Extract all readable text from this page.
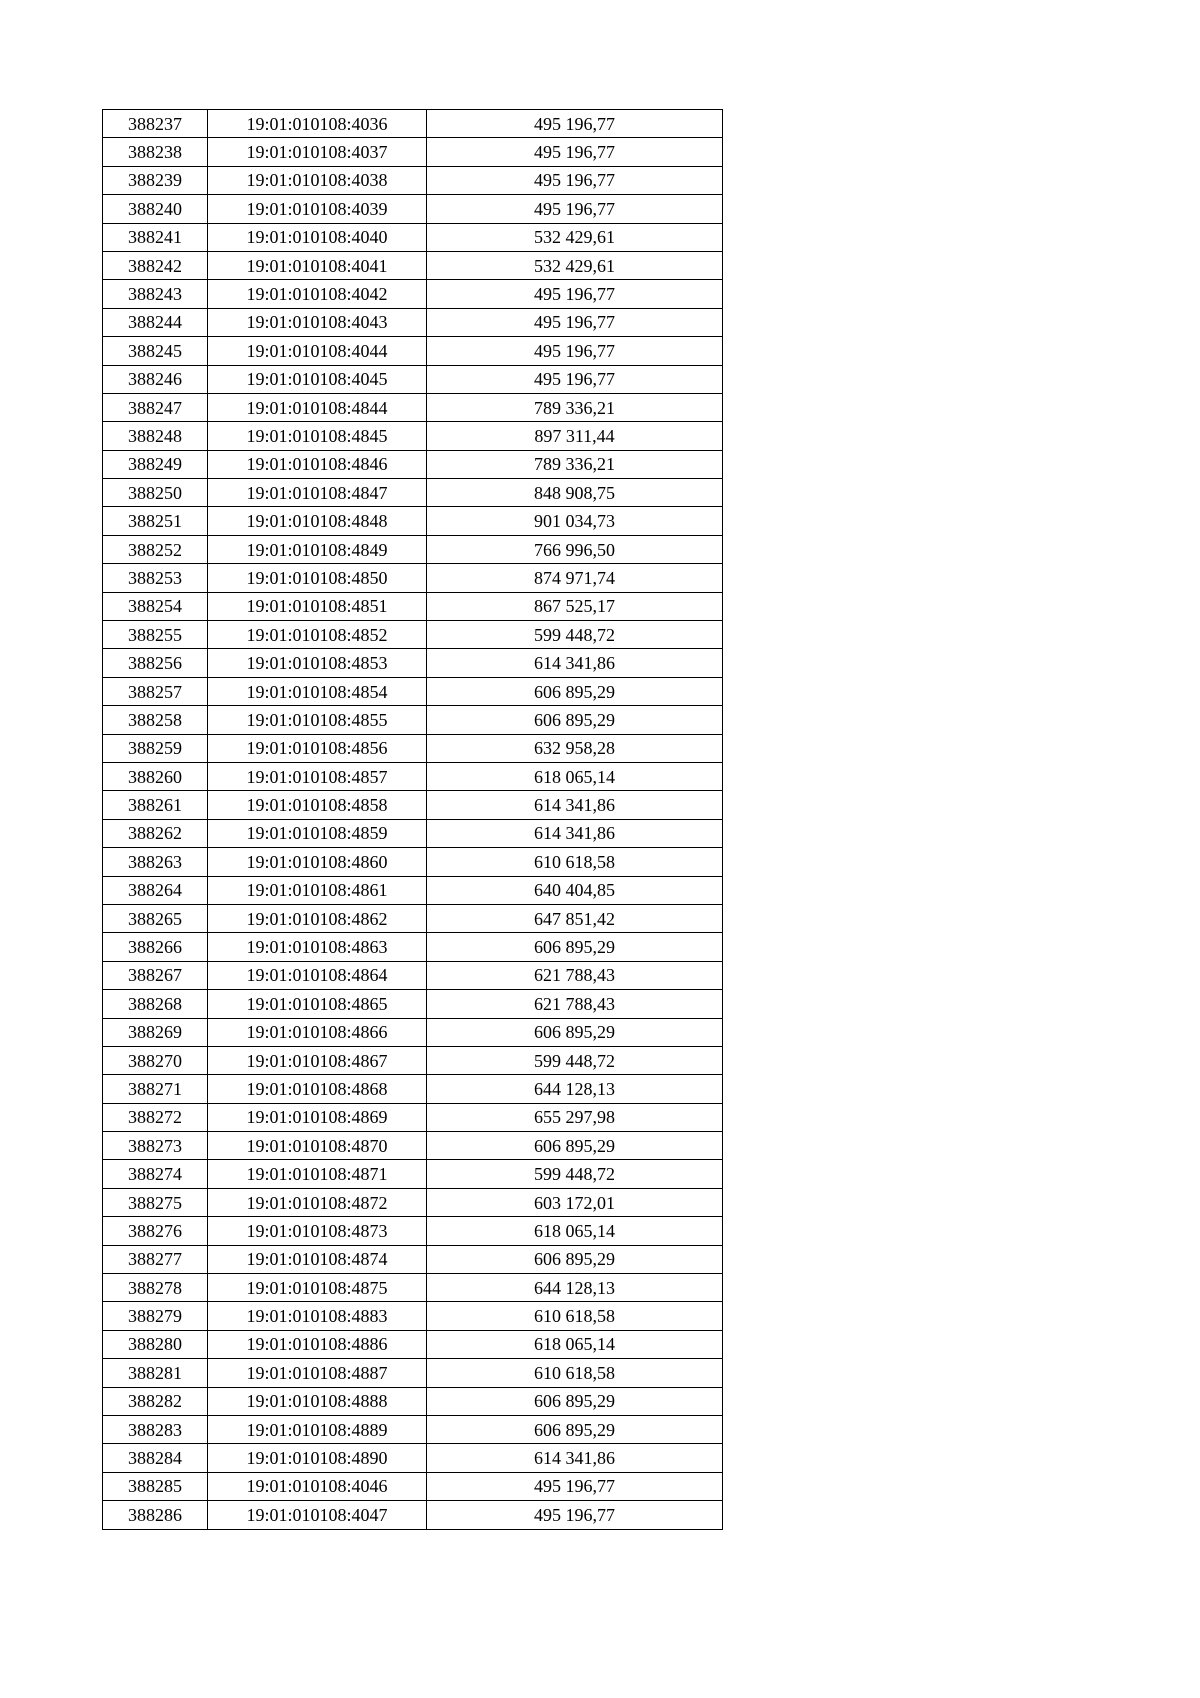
388237	19:01:010108:4036	495 196,77
388238	19:01:010108:4037	495 196,77
388239	19:01:010108:4038	495 196,77
388240	19:01:010108:4039	495 196,77
388241	19:01:010108:4040	532 429,61
388242	19:01:010108:4041	532 429,61
388243	19:01:010108:4042	495 196,77
388244	19:01:010108:4043	495 196,77
388245	19:01:010108:4044	495 196,77
388246	19:01:010108:4045	495 196,77
388247	19:01:010108:4844	789 336,21
388248	19:01:010108:4845	897 311,44
388249	19:01:010108:4846	789 336,21
388250	19:01:010108:4847	848 908,75
388251	19:01:010108:4848	901 034,73
388252	19:01:010108:4849	766 996,50
388253	19:01:010108:4850	874 971,74
388254	19:01:010108:4851	867 525,17
388255	19:01:010108:4852	599 448,72
388256	19:01:010108:4853	614 341,86
388257	19:01:010108:4854	606 895,29
388258	19:01:010108:4855	606 895,29
388259	19:01:010108:4856	632 958,28
388260	19:01:010108:4857	618 065,14
388261	19:01:010108:4858	614 341,86
388262	19:01:010108:4859	614 341,86
388263	19:01:010108:4860	610 618,58
388264	19:01:010108:4861	640 404,85
388265	19:01:010108:4862	647 851,42
388266	19:01:010108:4863	606 895,29
388267	19:01:010108:4864	621 788,43
388268	19:01:010108:4865	621 788,43
388269	19:01:010108:4866	606 895,29
388270	19:01:010108:4867	599 448,72
388271	19:01:010108:4868	644 128,13
388272	19:01:010108:4869	655 297,98
388273	19:01:010108:4870	606 895,29
388274	19:01:010108:4871	599 448,72
388275	19:01:010108:4872	603 172,01
388276	19:01:010108:4873	618 065,14
388277	19:01:010108:4874	606 895,29
388278	19:01:010108:4875	644 128,13
388279	19:01:010108:4883	610 618,58
388280	19:01:010108:4886	618 065,14
388281	19:01:010108:4887	610 618,58
388282	19:01:010108:4888	606 895,29
388283	19:01:010108:4889	606 895,29
388284	19:01:010108:4890	614 341,86
388285	19:01:010108:4046	495 196,77
388286	19:01:010108:4047	495 196,77
